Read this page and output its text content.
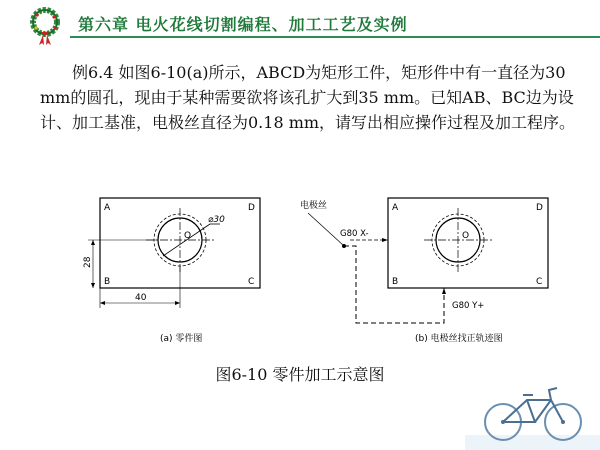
第六章 电火花线切割编程、加工工艺及实例

例6.4 如图6-10(a)所示，ABCD为矩形工件，矩形件中有一直径为30 mm的圆孔，现由于某种需要欲将该孔扩大到35 mm。已知AB、BC边为设计、加工基准，电极丝直径为0.18 mm，请写出相应操作过程及加工程序。

A
B	C
D
O
⌀30
28
40
(a) 零件图
A
B	C
D
O
电极丝
G80 X-
G80 Y+
(b) 电极丝找正轨迹图
图6-10 零件加工示意图
